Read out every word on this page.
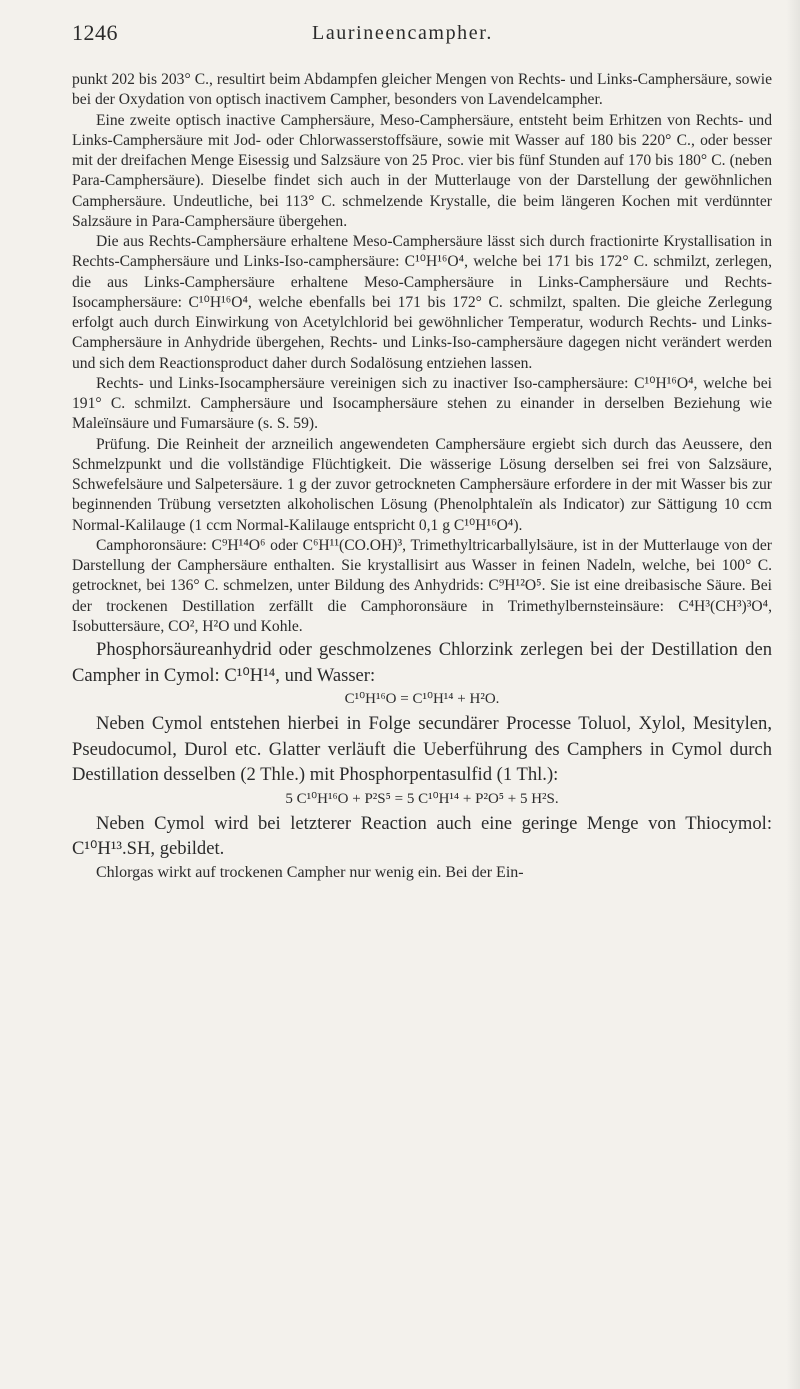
1246	Laurineencampher.

punkt 202 bis 203° C., resultirt beim Abdampfen gleicher Mengen von Rechts- und Links-Camphersäure, sowie bei der Oxydation von optisch inactivem Campher, besonders von Lavendelcampher.

Eine zweite optisch inactive Camphersäure, Meso-Camphersäure, entsteht beim Erhitzen von Rechts- und Links-Camphersäure mit Jod- oder Chlorwasserstoffsäure, sowie mit Wasser auf 180 bis 220° C., oder besser mit der dreifachen Menge Eisessig und Salzsäure von 25 Proc. vier bis fünf Stunden auf 170 bis 180° C. (neben Para-Camphersäure). Dieselbe findet sich auch in der Mutterlauge von der Darstellung der gewöhnlichen Camphersäure. Undeutliche, bei 113° C. schmelzende Krystalle, die beim längeren Kochen mit verdünnter Salzsäure in Para-Camphersäure übergehen.

Die aus Rechts-Camphersäure erhaltene Meso-Camphersäure lässt sich durch fractionirte Krystallisation in Rechts-Camphersäure und Links-Iso-camphersäure: C¹⁰H¹⁶O⁴, welche bei 171 bis 172° C. schmilzt, zerlegen, die aus Links-Camphersäure erhaltene Meso-Camphersäure in Links-Camphersäure und Rechts-Isocamphersäure: C¹⁰H¹⁶O⁴, welche ebenfalls bei 171 bis 172° C. schmilzt, spalten. Die gleiche Zerlegung erfolgt auch durch Einwirkung von Acetylchlorid bei gewöhnlicher Temperatur, wodurch Rechts- und Links-Camphersäure in Anhydride übergehen, Rechts- und Links-Iso-camphersäure dagegen nicht verändert werden und sich dem Reactionsproduct daher durch Sodalösung entziehen lassen.

Rechts- und Links-Isocamphersäure vereinigen sich zu inactiver Iso-camphersäure: C¹⁰H¹⁶O⁴, welche bei 191° C. schmilzt. Camphersäure und Isocamphersäure stehen zu einander in derselben Beziehung wie Maleïnsäure und Fumarsäure (s. S. 59).

Prüfung. Die Reinheit der arzneilich angewendeten Camphersäure ergiebt sich durch das Aeussere, den Schmelzpunkt und die vollständige Flüchtigkeit. Die wässerige Lösung derselben sei frei von Salzsäure, Schwefelsäure und Salpetersäure. 1 g der zuvor getrockneten Camphersäure erfordere in der mit Wasser bis zur beginnenden Trübung versetzten alkoholischen Lösung (Phenolphtaleïn als Indicator) zur Sättigung 10 ccm Normal-Kalilauge (1 ccm Normal-Kalilauge entspricht 0,1 g C¹⁰H¹⁶O⁴).

Camphoronsäure: C⁹H¹⁴O⁶ oder C⁶H¹¹(CO.OH)³, Trimethyltricarballylsäure, ist in der Mutterlauge von der Darstellung der Camphersäure enthalten. Sie krystallisirt aus Wasser in feinen Nadeln, welche, bei 100° C. getrocknet, bei 136° C. schmelzen, unter Bildung des Anhydrids: C⁹H¹²O⁵. Sie ist eine dreibasische Säure. Bei der trockenen Destillation zerfällt die Camphoronsäure in Trimethylbernsteinsäure: C⁴H³(CH³)³O⁴, Isobuttersäure, CO², H²O und Kohle.

Phosphorsäureanhydrid oder geschmolzenes Chlorzink zerlegen bei der Destillation den Campher in Cymol: C¹⁰H¹⁴, und Wasser:

C¹⁰H¹⁶O = C¹⁰H¹⁴ + H²O.

Neben Cymol entstehen hierbei in Folge secundärer Processe Toluol, Xylol, Mesitylen, Pseudocumol, Durol etc. Glatter verläuft die Ueberführung des Camphers in Cymol durch Destillation desselben (2 Thle.) mit Phosphorpentasulfid (1 Thl.):

5 C¹⁰H¹⁶O + P²S⁵ = 5 C¹⁰H¹⁴ + P²O⁵ + 5 H²S.

Neben Cymol wird bei letzterer Reaction auch eine geringe Menge von Thiocymol: C¹⁰H¹³.SH, gebildet.

Chlorgas wirkt auf trockenen Campher nur wenig ein. Bei der Ein-
